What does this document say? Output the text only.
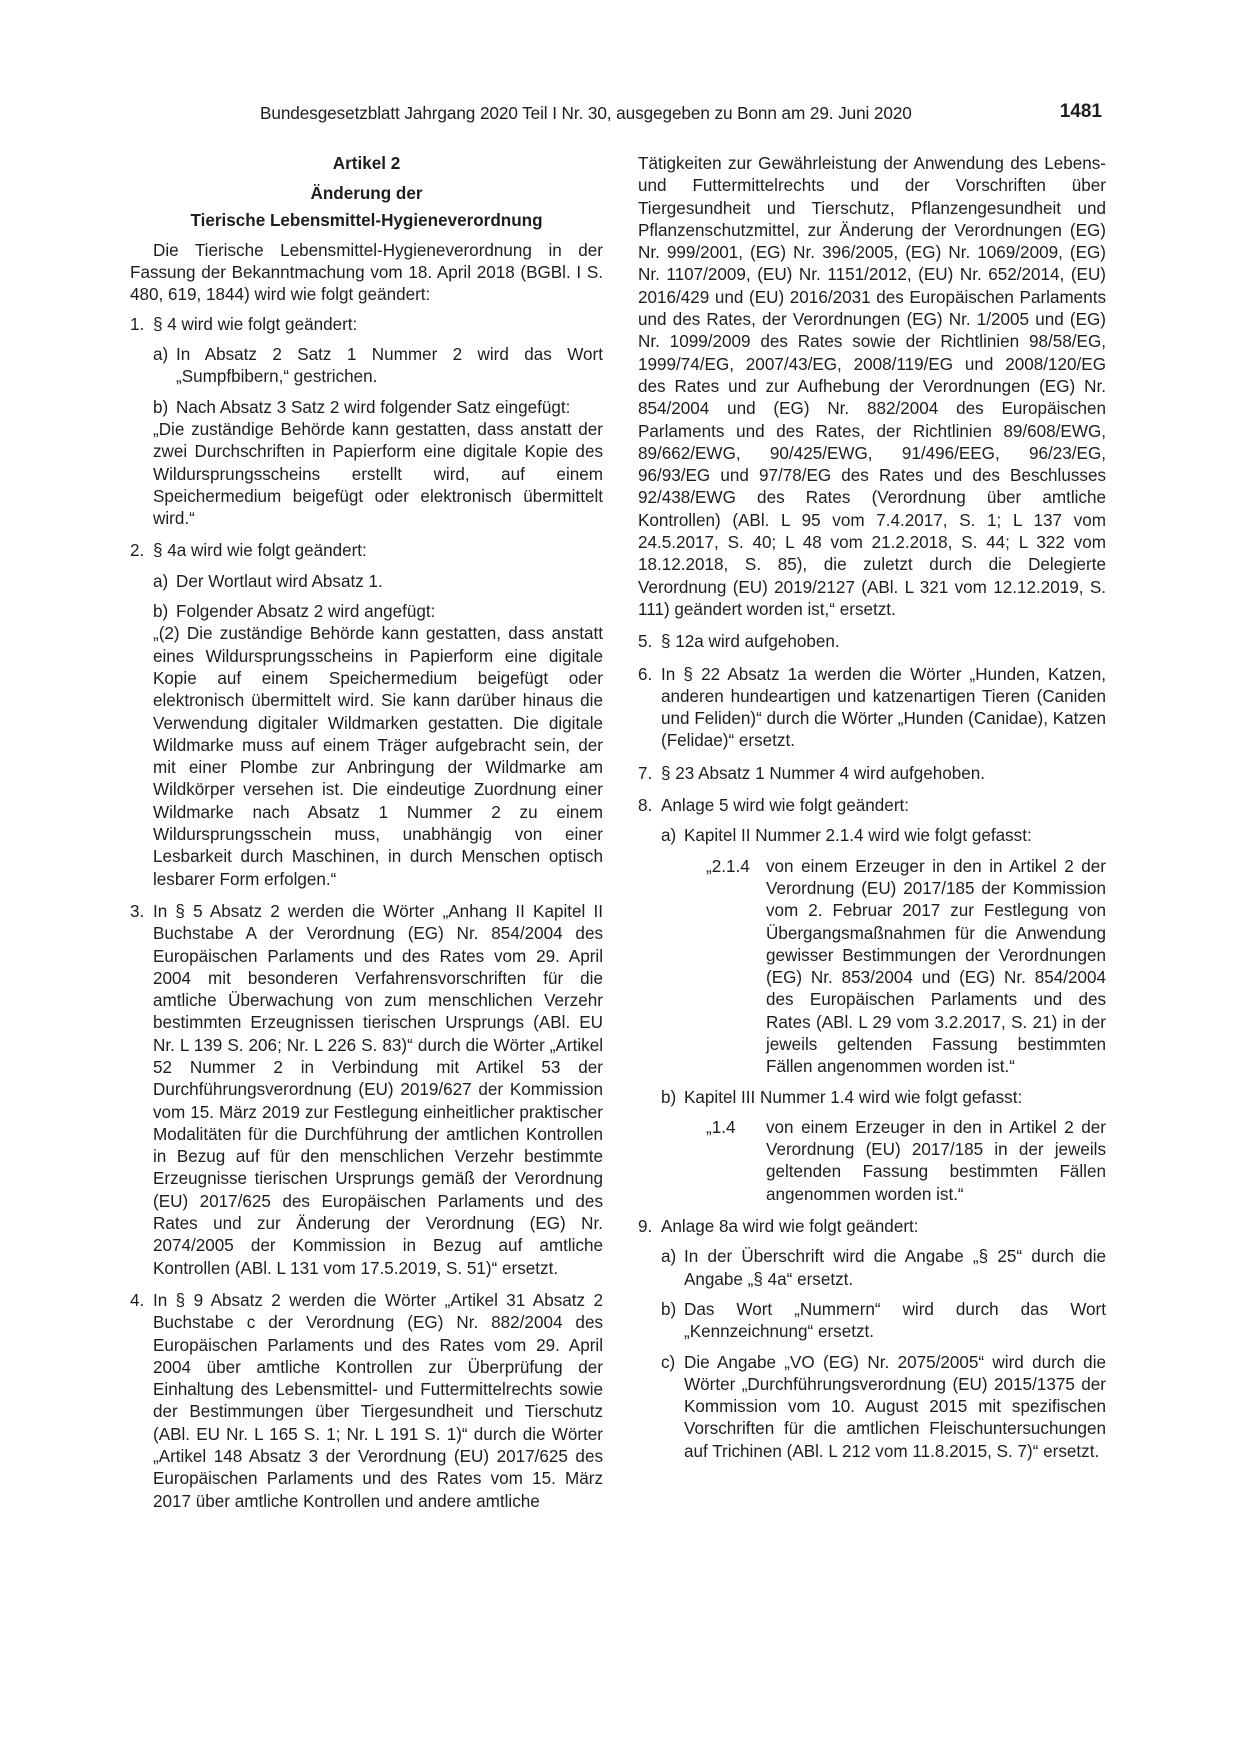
Bundesgesetzblatt Jahrgang 2020 Teil I Nr. 30, ausgegeben zu Bonn am 29. Juni 2020	1481

Artikel 2

Änderung der

Tierische Lebensmittel-Hygieneverordnung

Die Tierische Lebensmittel-Hygieneverordnung in der Fassung der Bekanntmachung vom 18. April 2018 (BGBl. I S. 480, 619, 1844) wird wie folgt geändert:

1. § 4 wird wie folgt geändert:

a) In Absatz 2 Satz 1 Nummer 2 wird das Wort „Sumpfbibern,“ gestrichen.

b) Nach Absatz 3 Satz 2 wird folgender Satz eingefügt:

„Die zuständige Behörde kann gestatten, dass anstatt der zwei Durchschriften in Papierform eine digitale Kopie des Wildursprungsscheins erstellt wird, auf einem Speichermedium beigefügt oder elektronisch übermittelt wird.“

2. § 4a wird wie folgt geändert:

a) Der Wortlaut wird Absatz 1.

b) Folgender Absatz 2 wird angefügt:

„(2) Die zuständige Behörde kann gestatten, dass anstatt eines Wildursprungsscheins in Papierform eine digitale Kopie auf einem Speichermedium beigefügt oder elektronisch übermittelt wird. Sie kann darüber hinaus die Verwendung digitaler Wildmarken gestatten. Die digitale Wildmarke muss auf einem Träger aufgebracht sein, der mit einer Plombe zur Anbringung der Wildmarke am Wildkörper versehen ist. Die eindeutige Zuordnung einer Wildmarke nach Absatz 1 Nummer 2 zu einem Wildursprungsschein muss, unabhängig von einer Lesbarkeit durch Maschinen, in durch Menschen optisch lesbarer Form erfolgen.“

3. In § 5 Absatz 2 werden die Wörter „Anhang II Kapitel II Buchstabe A der Verordnung (EG) Nr. 854/2004 des Europäischen Parlaments und des Rates vom 29. April 2004 mit besonderen Verfahrensvorschriften für die amtliche Überwachung von zum menschlichen Verzehr bestimmten Erzeugnissen tierischen Ursprungs (ABl. EU Nr. L 139 S. 206; Nr. L 226 S. 83)“ durch die Wörter „Artikel 52 Nummer 2 in Verbindung mit Artikel 53 der Durchführungsverordnung (EU) 2019/627 der Kommission vom 15. März 2019 zur Festlegung einheitlicher praktischer Modalitäten für die Durchführung der amtlichen Kontrollen in Bezug auf für den menschlichen Verzehr bestimmte Erzeugnisse tierischen Ursprungs gemäß der Verordnung (EU) 2017/625 des Europäischen Parlaments und des Rates und zur Änderung der Verordnung (EG) Nr. 2074/2005 der Kommission in Bezug auf amtliche Kontrollen (ABl. L 131 vom 17.5.2019, S. 51)“ ersetzt.

4. In § 9 Absatz 2 werden die Wörter „Artikel 31 Absatz 2 Buchstabe c der Verordnung (EG) Nr. 882/2004 des Europäischen Parlaments und des Rates vom 29. April 2004 über amtliche Kontrollen zur Überprüfung der Einhaltung des Lebensmittel- und Futtermittelrechts sowie der Bestimmungen über Tiergesundheit und Tierschutz (ABl. EU Nr. L 165 S. 1; Nr. L 191 S. 1)“ durch die Wörter „Artikel 148 Absatz 3 der Verordnung (EU) 2017/625 des Europäischen Parlaments und des Rates vom 15. März 2017 über amtliche Kontrollen und andere amtliche

Tätigkeiten zur Gewährleistung der Anwendung des Lebens- und Futtermittelrechts und der Vorschriften über Tiergesundheit und Tierschutz, Pflanzengesundheit und Pflanzenschutzmittel, zur Änderung der Verordnungen (EG) Nr. 999/2001, (EG) Nr. 396/2005, (EG) Nr. 1069/2009, (EG) Nr. 1107/2009, (EU) Nr. 1151/2012, (EU) Nr. 652/2014, (EU) 2016/429 und (EU) 2016/2031 des Europäischen Parlaments und des Rates, der Verordnungen (EG) Nr. 1/2005 und (EG) Nr. 1099/2009 des Rates sowie der Richtlinien 98/58/EG, 1999/74/EG, 2007/43/EG, 2008/119/EG und 2008/120/EG des Rates und zur Aufhebung der Verordnungen (EG) Nr. 854/2004 und (EG) Nr. 882/2004 des Europäischen Parlaments und des Rates, der Richtlinien 89/608/EWG, 89/662/EWG, 90/425/EWG, 91/496/EEG, 96/23/EG, 96/93/EG und 97/78/EG des Rates und des Beschlusses 92/438/EWG des Rates (Verordnung über amtliche Kontrollen) (ABl. L 95 vom 7.4.2017, S. 1; L 137 vom 24.5.2017, S. 40; L 48 vom 21.2.2018, S. 44; L 322 vom 18.12.2018, S. 85), die zuletzt durch die Delegierte Verordnung (EU) 2019/2127 (ABl. L 321 vom 12.12.2019, S. 111) geändert worden ist,“ ersetzt.

5. § 12a wird aufgehoben.

6. In § 22 Absatz 1a werden die Wörter „Hunden, Katzen, anderen hundeartigen und katzenartigen Tieren (Caniden und Feliden)“ durch die Wörter „Hunden (Canidae), Katzen (Felidae)“ ersetzt.

7. § 23 Absatz 1 Nummer 4 wird aufgehoben.

8. Anlage 5 wird wie folgt geändert:

a) Kapitel II Nummer 2.1.4 wird wie folgt gefasst:

„2.1.4 von einem Erzeuger in den in Artikel 2 der Verordnung (EU) 2017/185 der Kommission vom 2. Februar 2017 zur Festlegung von Übergangsmaßnahmen für die Anwendung gewisser Bestimmungen der Verordnungen (EG) Nr. 853/2004 und (EG) Nr. 854/2004 des Europäischen Parlaments und des Rates (ABl. L 29 vom 3.2.2017, S. 21) in der jeweils geltenden Fassung bestimmten Fällen angenommen worden ist.“
b) Kapitel III Nummer 1.4 wird wie folgt gefasst:

„1.4	von einem Erzeuger in den in Artikel 2 der Verordnung (EU) 2017/185 in der jeweils geltenden Fassung bestimmten Fällen angenommen worden ist.“
9. Anlage 8a wird wie folgt geändert:

a) In der Überschrift wird die Angabe „§ 25“ durch die Angabe „§ 4a“ ersetzt.

b) Das Wort „Nummern“ wird durch das Wort „Kennzeichnung“ ersetzt.

c) Die Angabe „VO (EG) Nr. 2075/2005“ wird durch die Wörter „Durchführungsverordnung (EU) 2015/1375 der Kommission vom 10. August 2015 mit spezifischen Vorschriften für die amtlichen Fleischuntersuchungen auf Trichinen (ABl. L 212 vom 11.8.2015, S. 7)“ ersetzt.
